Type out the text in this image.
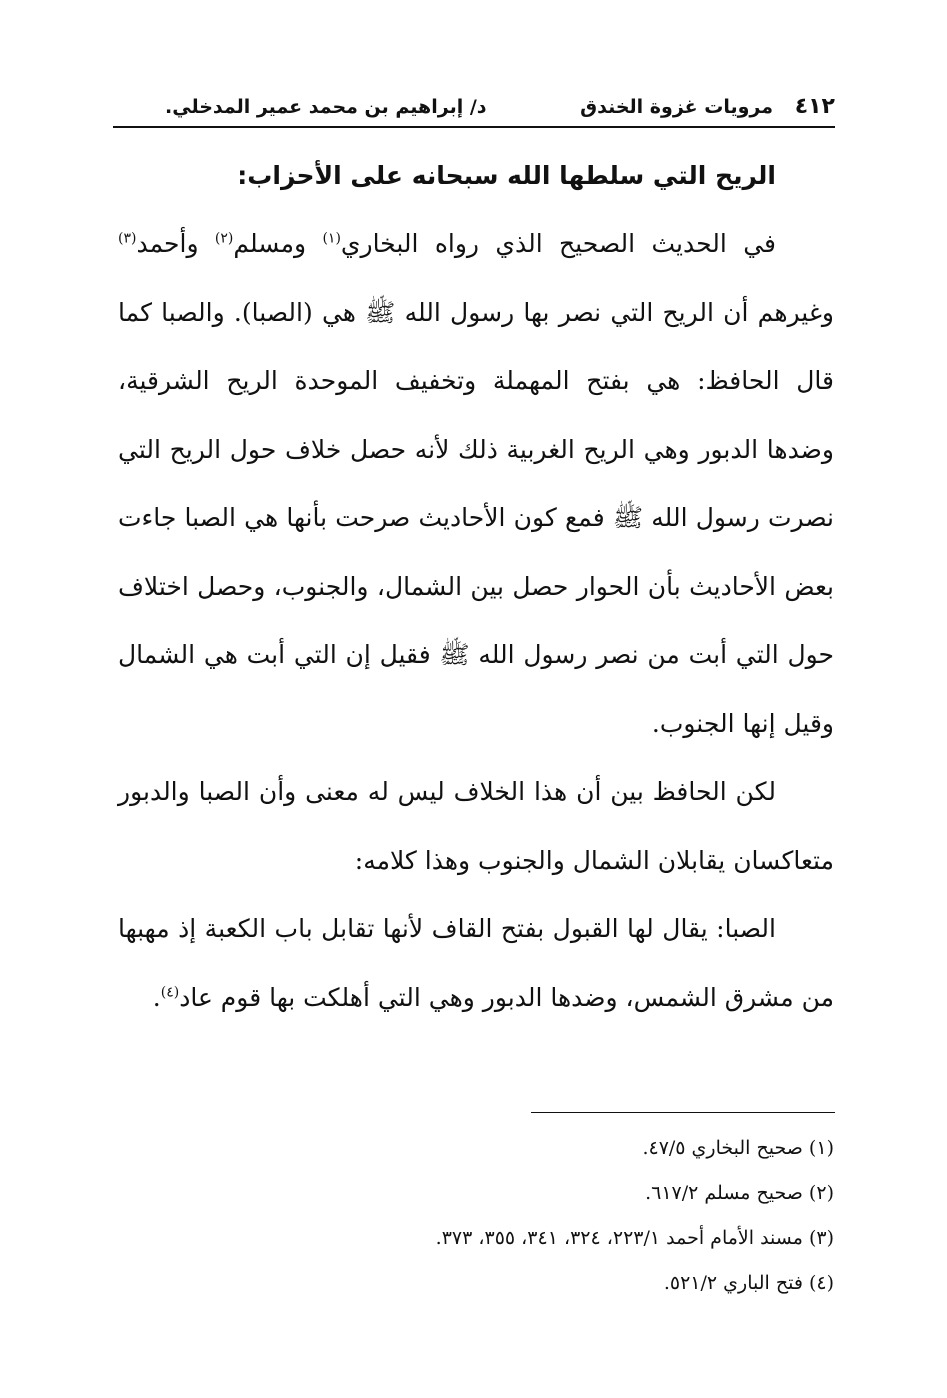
٤١٢
مرويات غزوة الخندق
د/ إبراهيم بن محمد عمير المدخلي.
الريح التي سلطها الله سبحانه على الأحزاب:

في الحديث الصحيح الذي رواه البخاري$^{(١)}$ ومسلم$^{(٢)}$ وأحمد$^{(٣)}$ وغيرهم أن الريح التي نصر بها رسول الله ﷺ هي (الصبا). والصبا كما قال الحافظ: هي بفتح المهملة وتخفيف الموحدة الريح الشرقية، وضدها الدبور وهي الريح الغربية ذلك لأنه حصل خلاف حول الريح التي نصرت رسول الله ﷺ فمع كون الأحاديث صرحت بأنها هي الصبا جاءت بعض الأحاديث بأن الحوار حصل بين الشمال، والجنوب، وحصل اختلاف حول التي أبت من نصر رسول الله ﷺ فقيل إن التي أبت هي الشمال وقيل إنها الجنوب.

لكن الحافظ بين أن هذا الخلاف ليس له معنى وأن الصبا والدبور متعاكسان يقابلان الشمال والجنوب وهذا كلامه:

الصبا: يقال لها القبول بفتح القاف لأنها تقابل باب الكعبة إذ مهبها من مشرق الشمس، وضدها الدبور وهي التي أهلكت بها قوم عاد$^{(٤)}$.

(١) صحيح البخاري ٤٧/٥.

(٢) صحيح مسلم ٦١٧/٢.

(٣) مسند الأمام أحمد ٢٢٣/١، ٣٢٤، ٣٤١، ٣٥٥، ٣٧٣.

(٤) فتح الباري ٥٢١/٢.
